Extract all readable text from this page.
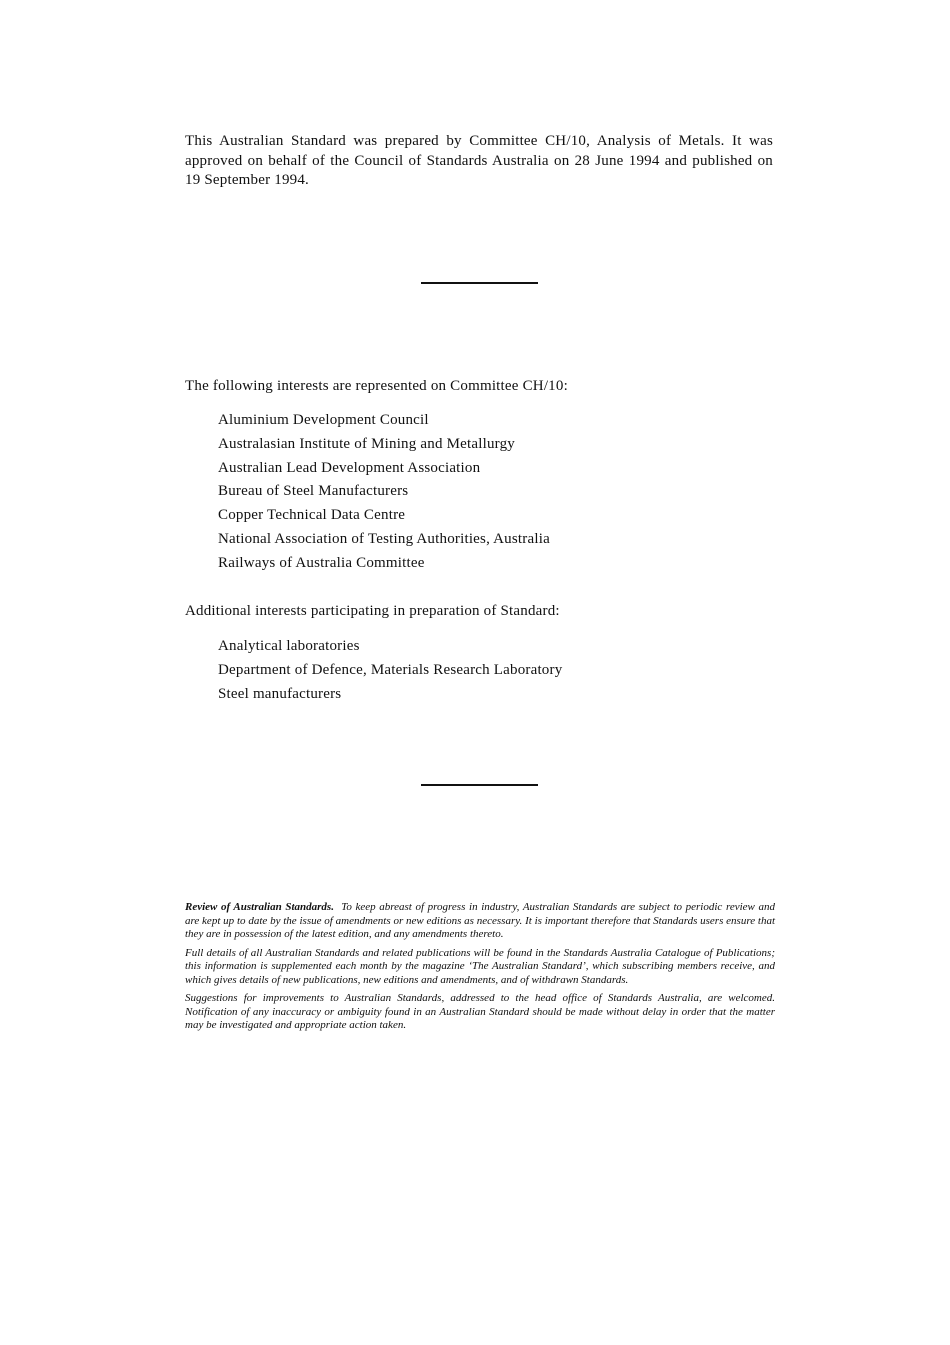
This Australian Standard was prepared by Committee CH/10, Analysis of Metals. It was approved on behalf of the Council of Standards Australia on 28 June 1994 and published on 19 September 1994.

The following interests are represented on Committee CH/10:

Aluminium Development Council
Australasian Institute of Mining and Metallurgy
Australian Lead Development Association
Bureau of Steel Manufacturers
Copper Technical Data Centre
National Association of Testing Authorities, Australia
Railways of Australia Committee

Additional interests participating in preparation of Standard:

Analytical laboratories
Department of Defence, Materials Research Laboratory
Steel manufacturers

Review of Australian Standards. To keep abreast of progress in industry, Australian Standards are subject to periodic review and are kept up to date by the issue of amendments or new editions as necessary. It is important therefore that Standards users ensure that they are in possession of the latest edition, and any amendments thereto.

Full details of all Australian Standards and related publications will be found in the Standards Australia Catalogue of Publications; this information is supplemented each month by the magazine ‘The Australian Standard’, which subscribing members receive, and which gives details of new publications, new editions and amendments, and of withdrawn Standards.

Suggestions for improvements to Australian Standards, addressed to the head office of Standards Australia, are welcomed. Notification of any inaccuracy or ambiguity found in an Australian Standard should be made without delay in order that the matter may be investigated and appropriate action taken.
